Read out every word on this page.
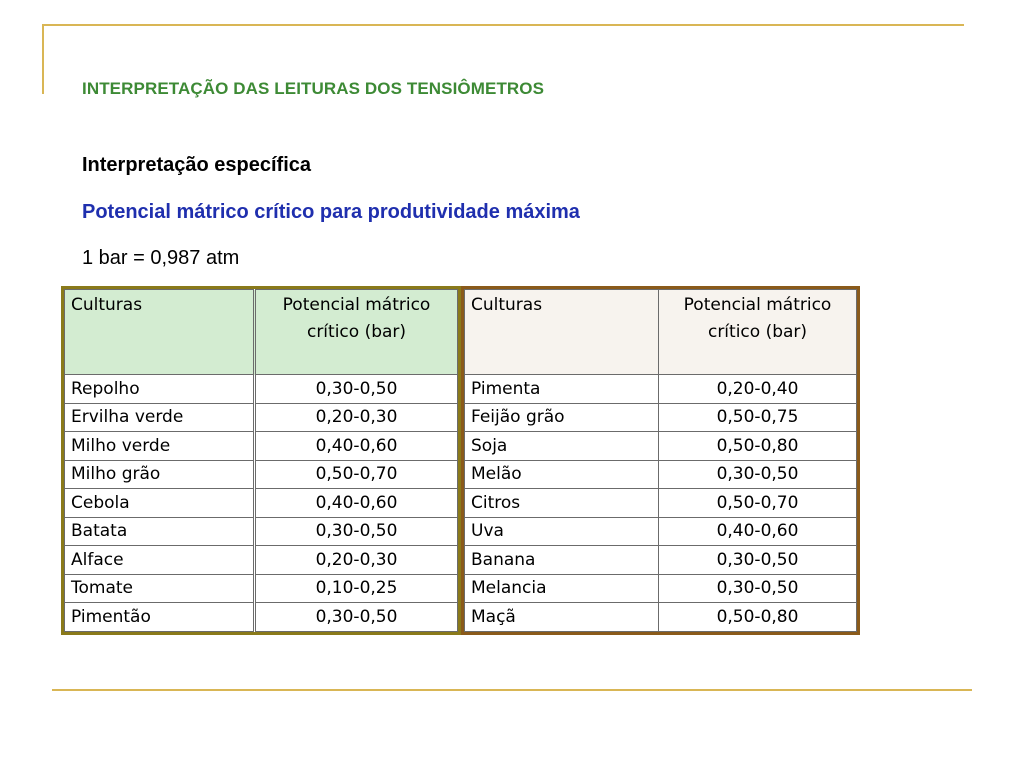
INTERPRETAÇÃO DAS LEITURAS DOS TENSIÔMETROS
Interpretação específica
Potencial mátrico crítico para produtividade máxima
1 bar = 0,987 atm
Culturas	Potencial mátrico crítico (bar)
Repolho	0,30-0,50
Ervilha verde	0,20-0,30
Milho verde	0,40-0,60
Milho grão	0,50-0,70
Cebola	0,40-0,60
Batata	0,30-0,50
Alface	0,20-0,30
Tomate	0,10-0,25
Pimentão	0,30-0,50
Culturas	Potencial mátrico crítico (bar)
Pimenta	0,20-0,40
Feijão grão	0,50-0,75
Soja	0,50-0,80
Melão	0,30-0,50
Citros	0,50-0,70
Uva	0,40-0,60
Banana	0,30-0,50
Melancia	0,30-0,50
Maçã	0,50-0,80
